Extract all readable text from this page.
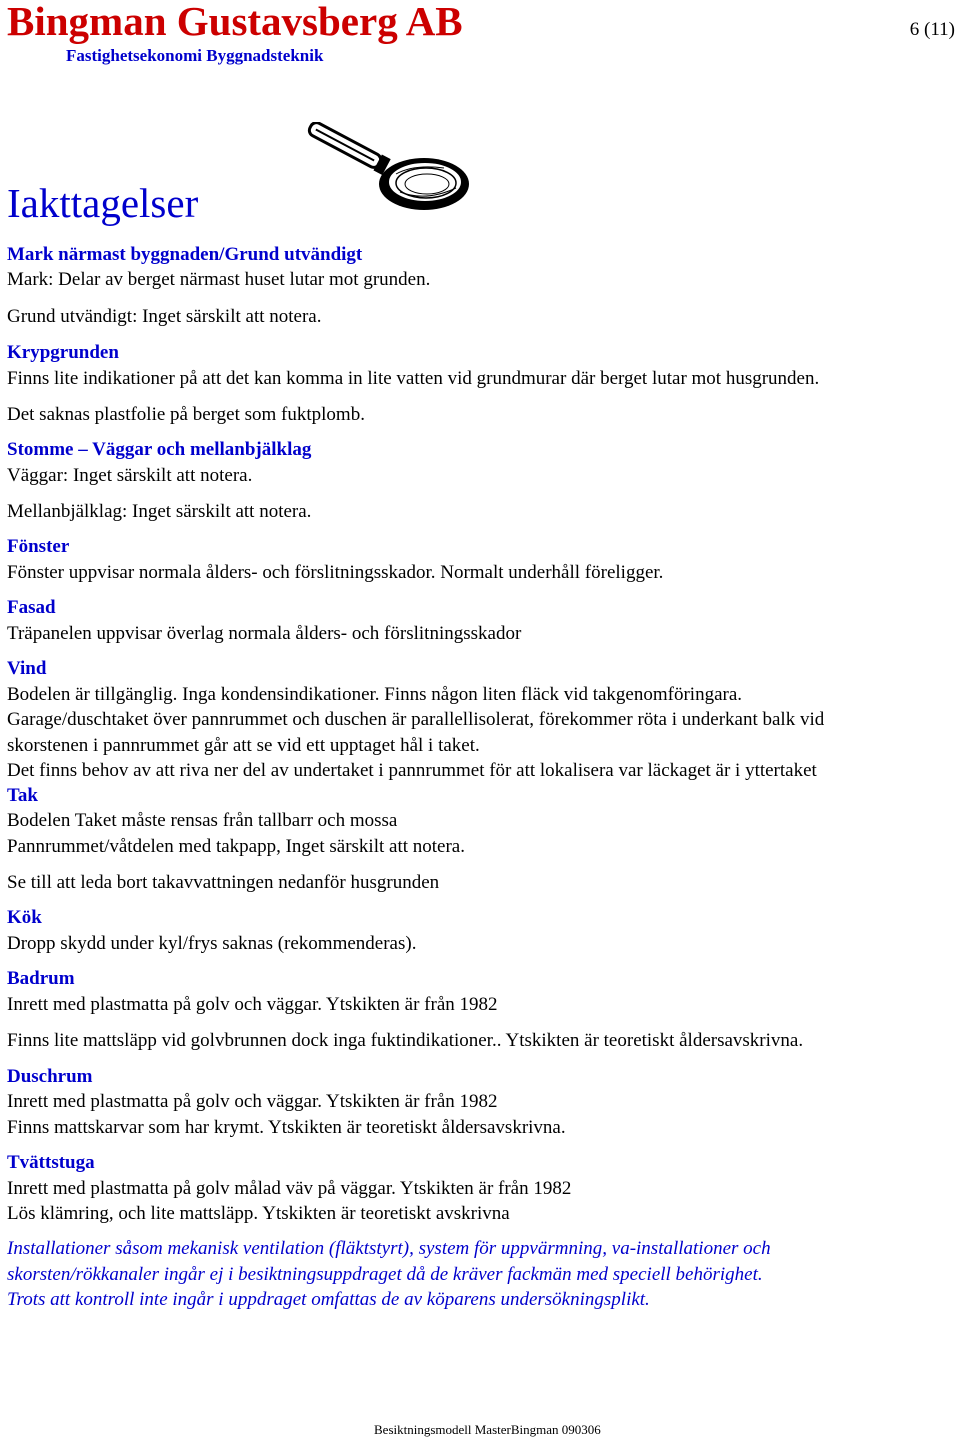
Bingman Gustavsberg AB
Fastighetsekonomi Byggnadsteknik
6 (11)
Iakttagelser
Mark närmast byggnaden/Grund utvändigt
Mark: Delar av berget närmast huset lutar mot grunden.
Grund utvändigt: Inget särskilt att notera.
Krypgrunden
Finns lite indikationer på att det kan komma in lite vatten vid grundmurar där berget lutar mot husgrunden.
Det saknas plastfolie på berget som fuktplomb.
Stomme – Väggar och mellanbjälklag
Väggar: Inget särskilt att notera.
Mellanbjälklag: Inget särskilt att notera.
Fönster
Fönster uppvisar normala ålders- och förslitningsskador. Normalt underhåll föreligger.
Fasad
Träpanelen uppvisar överlag normala ålders- och förslitningsskador
Vind
Bodelen är tillgänglig. Inga kondensindikationer. Finns någon liten fläck vid takgenomföringara.
Garage/duschtaket över pannrummet och duschen är parallellisolerat, förekommer röta i underkant balk vid
skorstenen i pannrummet går att se vid ett upptaget hål i taket.
Det finns behov av att riva ner del av undertaket i pannrummet för att lokalisera var läckaget är i yttertaket
Tak
Bodelen Taket måste rensas från tallbarr och mossa
Pannrummet/våtdelen med takpapp, Inget särskilt att notera.
Se till att leda bort takavvattningen nedanför husgrunden
Kök
Dropp skydd under kyl/frys saknas (rekommenderas).
Badrum
Inrett med plastmatta på golv och väggar. Ytskikten är från 1982
Finns lite mattsläpp vid golvbrunnen dock inga fuktindikationer.. Ytskikten är teoretiskt åldersavskrivna.
Duschrum
Inrett med plastmatta på golv och väggar. Ytskikten är från 1982
Finns mattskarvar som har krymt. Ytskikten är teoretiskt åldersavskrivna.
Tvättstuga
Inrett med plastmatta på golv målad väv på väggar. Ytskikten är från 1982
Lös klämring, och lite mattsläpp. Ytskikten är teoretiskt avskrivna
Installationer såsom mekanisk ventilation (fläktstyrt), system för uppvärmning, va-installationer och
skorsten/rökkanaler ingår ej i besiktningsuppdraget då de kräver fackmän med speciell behörighet.
Trots att kontroll inte ingår i uppdraget omfattas de av köparens undersökningsplikt.
Besiktningsmodell MasterBingman 090306
